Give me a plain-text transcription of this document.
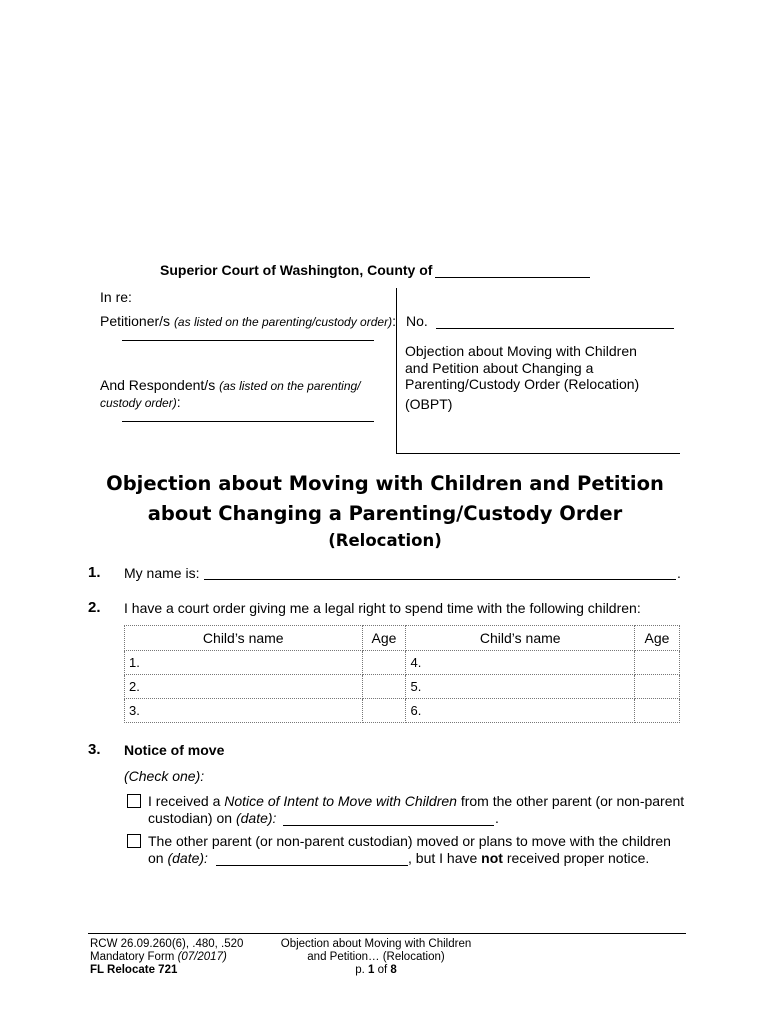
Superior Court of Washington, County of
In re:
Petitioner/s (as listed on the parenting/custody order):
And Respondent/s (as listed on the parenting/
custody order):
No.
Objection about Moving with Children
and Petition about Changing a
Parenting/Custody Order (Relocation)
(OBPT)
Objection about Moving with Children and Petition
about Changing a Parenting/Custody Order
(Relocation)
1. My name is:	.
2. I have a court order giving me a legal right to spend time with the following children:
Child’s name	Age	Child’s name	Age
1.		4.	
2.		5.	
3.		6.	
3. Notice of move
(Check one):
I received a Notice of Intent to Move with Children from the other parent (or non-parent
custodian) on (date):	.
The other parent (or non-parent custodian) moved or plans to move with the children
on (date):	, but I have not received proper notice.
RCW 26.09.260(6), .480, .520
Mandatory Form (07/2017)
FL Relocate 721
Objection about Moving with Children
and Petition… (Relocation)
p. 1 of 8
